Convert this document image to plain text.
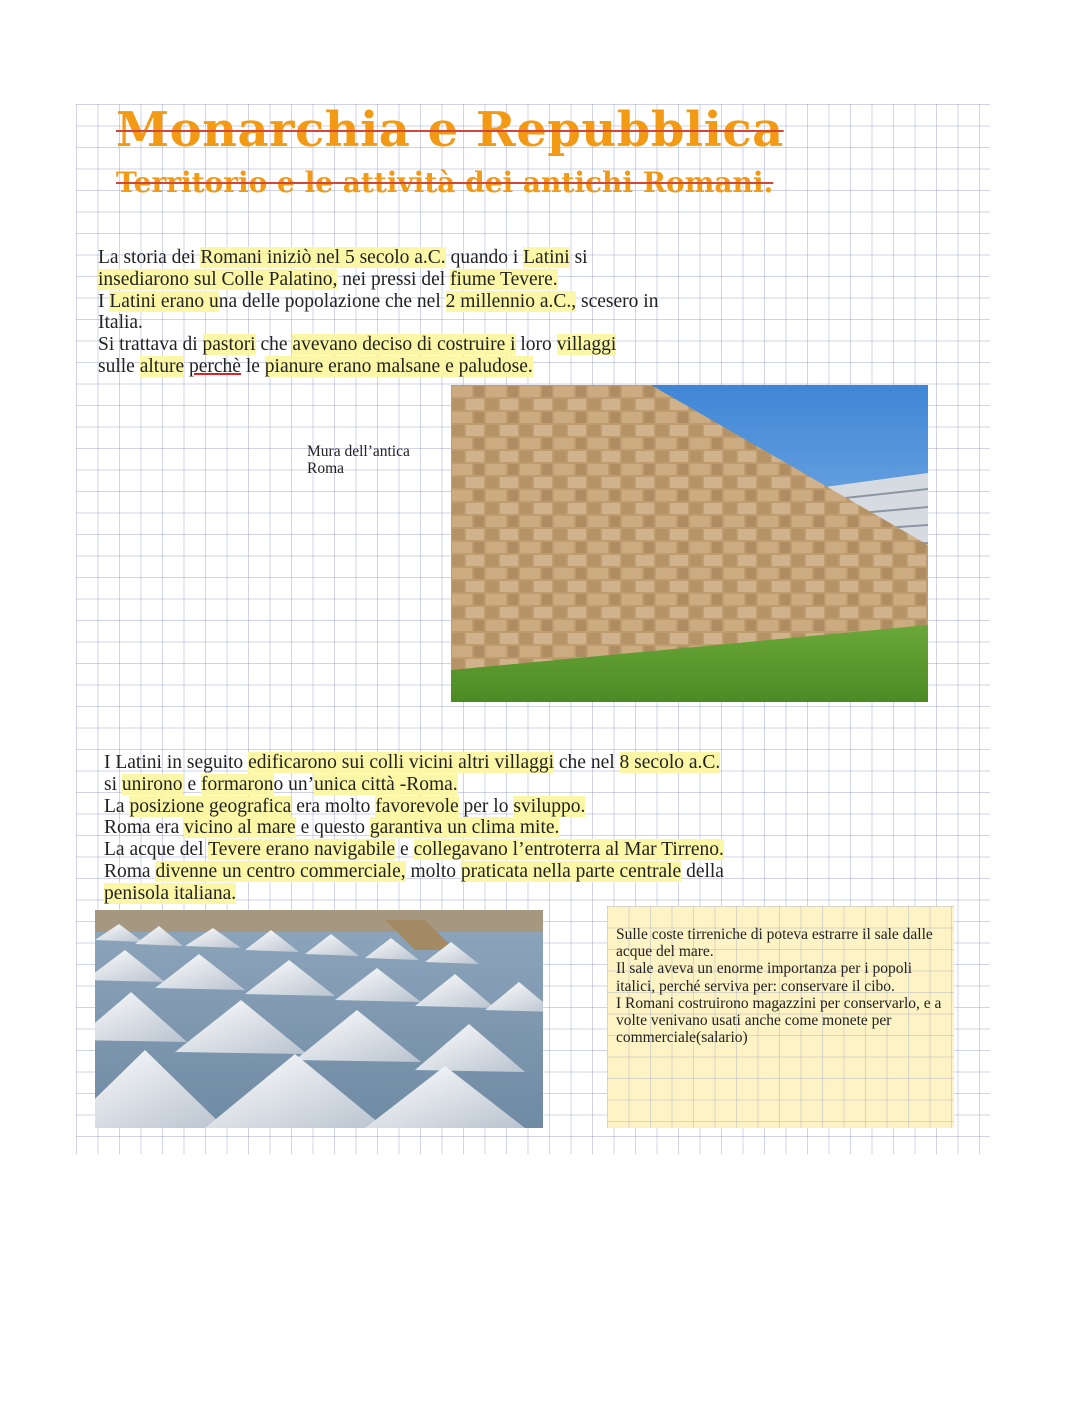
Monarchia e Repubblica
Territorio e le attività dei antichi Romani.

La storia dei Romani iniziò nel 5 secolo a.C. quando i Latini si

insediarono sul Colle Palatino, nei pressi del fiume Tevere.

I Latini erano una delle popolazione che nel 2 millennio a.C., scesero in

Italia.

Si trattava di pastori che avevano deciso di costruire i loro villaggi

sulle alture perchè le pianure erano malsane e paludose.

Mura dell’antica Roma

I Latini in seguito edificarono sui colli vicini altri villaggi che nel 8 secolo a.C.

si unirono e formarono un’unica città -Roma.

La posizione geografica era molto favorevole per lo sviluppo.

Roma era vicino al mare e questo garantiva un clima mite.

La acque del Tevere erano navigabile e collegavano l’entroterra al Mar Tirreno.

Roma divenne un centro commerciale, molto praticata nella parte centrale della

penisola italiana.

Sulle coste tirreniche di poteva estrarre il sale dalle acque del mare.

Il sale aveva un enorme importanza per i popoli italici, perché serviva per: conservare il cibo.

I Romani costruirono magazzini per conservarlo, e a volte venivano usati anche come monete per commerciale(salario)
